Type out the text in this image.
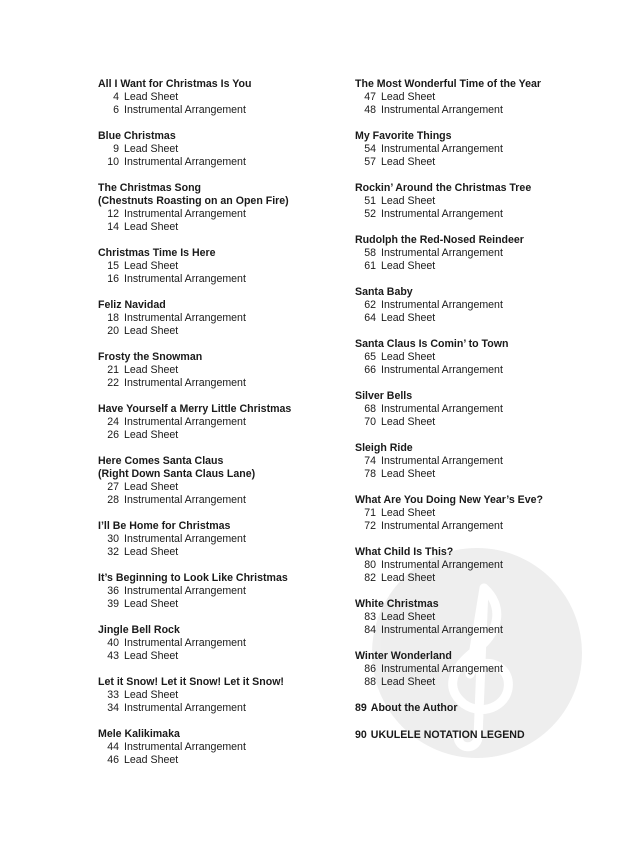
All I Want for Christmas Is You
4 Lead Sheet
6 Instrumental Arrangement
Blue Christmas
9 Lead Sheet
10 Instrumental Arrangement
The Christmas Song
(Chestnuts Roasting on an Open Fire)
12 Instrumental Arrangement
14 Lead Sheet
Christmas Time Is Here
15 Lead Sheet
16 Instrumental Arrangement
Feliz Navidad
18 Instrumental Arrangement
20 Lead Sheet
Frosty the Snowman
21 Lead Sheet
22 Instrumental Arrangement
Have Yourself a Merry Little Christmas
24 Instrumental Arrangement
26 Lead Sheet
Here Comes Santa Claus
(Right Down Santa Claus Lane)
27 Lead Sheet
28 Instrumental Arrangement
I’ll Be Home for Christmas
30 Instrumental Arrangement
32 Lead Sheet
It’s Beginning to Look Like Christmas
36 Instrumental Arrangement
39 Lead Sheet
Jingle Bell Rock
40 Instrumental Arrangement
43 Lead Sheet
Let it Snow! Let it Snow! Let it Snow!
33 Lead Sheet
34 Instrumental Arrangement
Mele Kalikimaka
44 Instrumental Arrangement
46 Lead Sheet
The Most Wonderful Time of the Year
47 Lead Sheet
48 Instrumental Arrangement
My Favorite Things
54 Instrumental Arrangement
57 Lead Sheet
Rockin’ Around the Christmas Tree
51 Lead Sheet
52 Instrumental Arrangement
Rudolph the Red-Nosed Reindeer
58 Instrumental Arrangement
61 Lead Sheet
Santa Baby
62 Instrumental Arrangement
64 Lead Sheet
Santa Claus Is Comin’ to Town
65 Lead Sheet
66 Instrumental Arrangement
Silver Bells
68 Instrumental Arrangement
70 Lead Sheet
Sleigh Ride
74 Instrumental Arrangement
78 Lead Sheet
What Are You Doing New Year’s Eve?
71 Lead Sheet
72 Instrumental Arrangement
What Child Is This?
80 Instrumental Arrangement
82 Lead Sheet
White Christmas
83 Lead Sheet
84 Instrumental Arrangement
Winter Wonderland
86 Instrumental Arrangement
88 Lead Sheet
89 About the Author
90 UKULELE NOTATION LEGEND
